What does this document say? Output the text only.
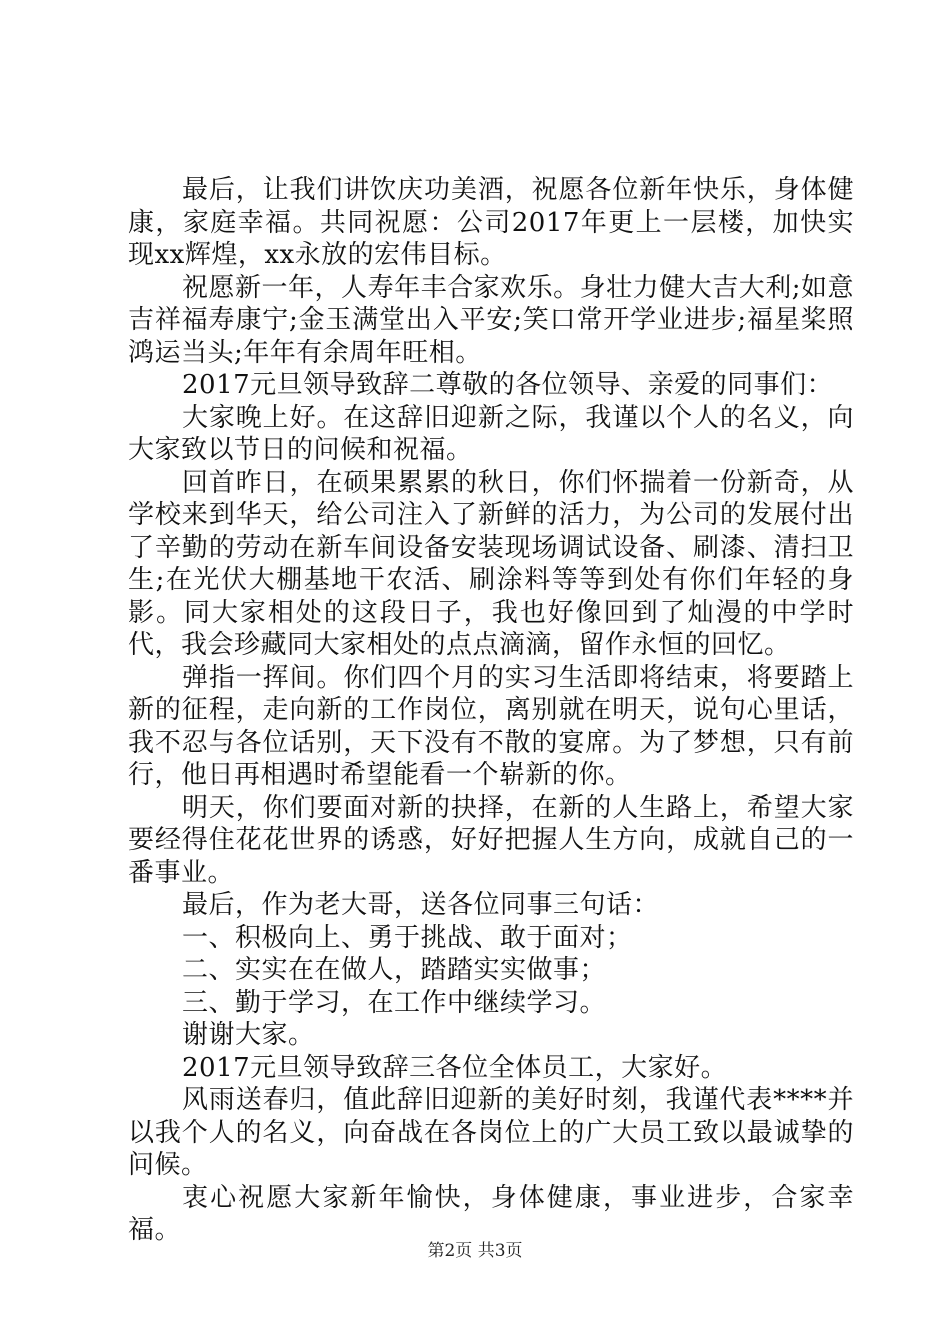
最后，让我们讲饮庆功美酒，祝愿各位新年快乐，身体健康，家庭幸福。共同祝愿：公司2017年更上一层楼，加快实现xx辉煌，xx永放的宏伟目标。

祝愿新一年，人寿年丰合家欢乐。身壮力健大吉大利;如意吉祥福寿康宁;金玉满堂出入平安;笑口常开学业进步;福星桨照鸿运当头;年年有余周年旺相。

2017元旦领导致辞二尊敬的各位领导、亲爱的同事们：

大家晚上好。在这辞旧迎新之际，我谨以个人的名义，向大家致以节日的问候和祝福。

回首昨日，在硕果累累的秋日，你们怀揣着一份新奇，从学校来到华天，给公司注入了新鲜的活力，为公司的发展付出了辛勤的劳动在新车间设备安装现场调试设备、刷漆、清扫卫生;在光伏大棚基地干农活、刷涂料等等到处有你们年轻的身影。同大家相处的这段日子，我也好像回到了灿漫的中学时代，我会珍藏同大家相处的点点滴滴，留作永恒的回忆。

弹指一挥间。你们四个月的实习生活即将结束，将要踏上新的征程，走向新的工作岗位，离别就在明天，说句心里话，我不忍与各位话别，天下没有不散的宴席。为了梦想，只有前行，他日再相遇时希望能看一个崭新的你。

明天，你们要面对新的抉择，在新的人生路上，希望大家要经得住花花世界的诱惑，好好把握人生方向，成就自己的一番事业。

最后，作为老大哥，送各位同事三句话：

一、积极向上、勇于挑战、敢于面对；

二、实实在在做人，踏踏实实做事；

三、勤于学习，在工作中继续学习。

谢谢大家。

2017元旦领导致辞三各位全体员工，大家好。

风雨送春归，值此辞旧迎新的美好时刻，我谨代表****并以我个人的名义，向奋战在各岗位上的广大员工致以最诚挚的问候。

衷心祝愿大家新年愉快，身体健康，事业进步，合家幸福。

第2页 共3页
